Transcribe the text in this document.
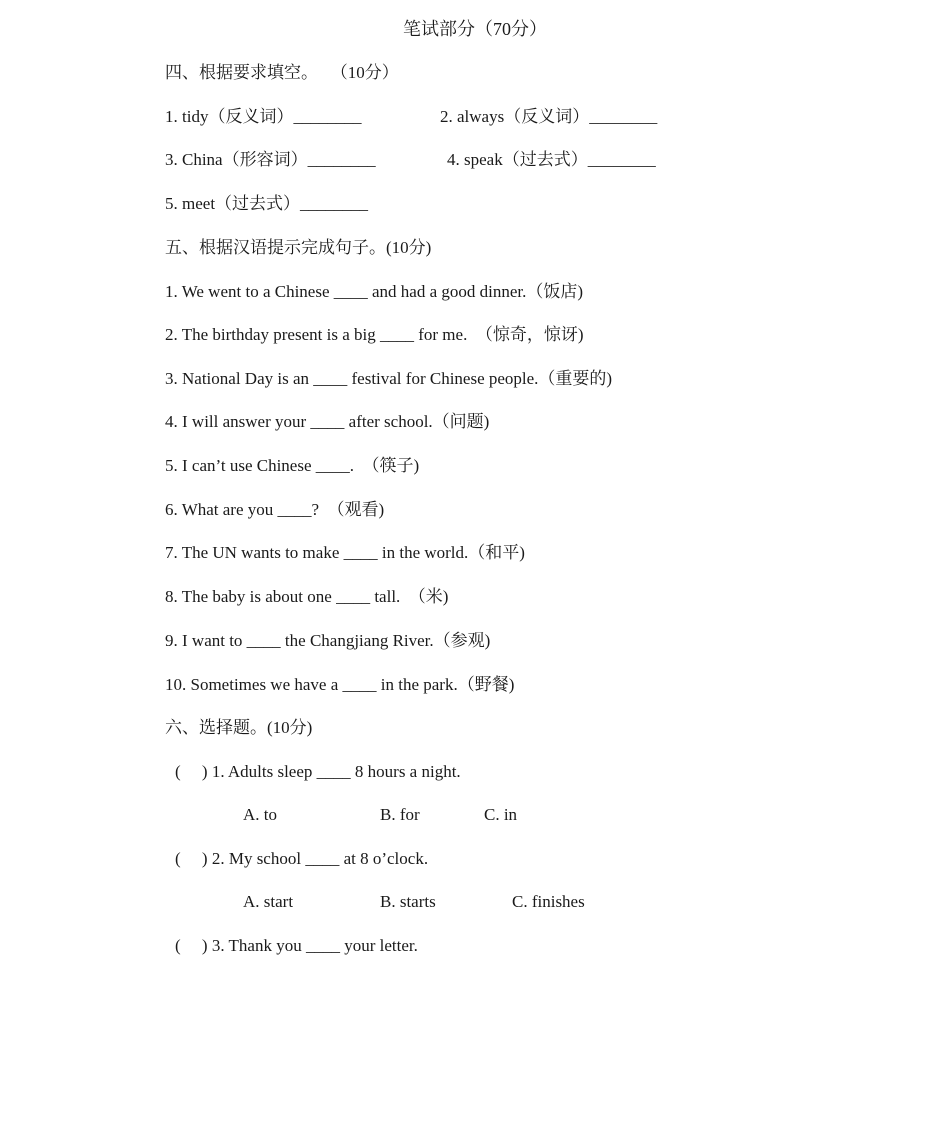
笔试部分（70分）
四、根据要求填空。   （10分）
1. tidy（反义词）________	2. always（反义词）________
3. China（形容词）________	4. speak（过去式）________
5. meet（过去式）________
五、根据汉语提示完成句子。(10分)
1. We went to a Chinese ____ and had a good dinner.（饭店)
2. The birthday present is a big ____ for me.  （惊奇，惊讶)
3. National Day is an ____ festival for Chinese people.（重要的)
4. I will answer your ____ after school.（问题)
5. I can’t use Chinese ____.  （筷子)
6. What are you ____?  （观看)
7. The UN wants to make ____ in the world.（和平)
8. The baby is about one ____ tall.  （米)
9. I want to ____ the Changjiang River.（参观)
10. Sometimes we have a ____ in the park.（野餐)
六、选择题。(10分)
(     ) 1. Adults sleep ____ 8 hours a night.
A. to	B. for	C. in
(     ) 2. My school ____ at 8 o’clock.
A. start	B. starts	C. finishes
(     ) 3. Thank you ____ your letter.
